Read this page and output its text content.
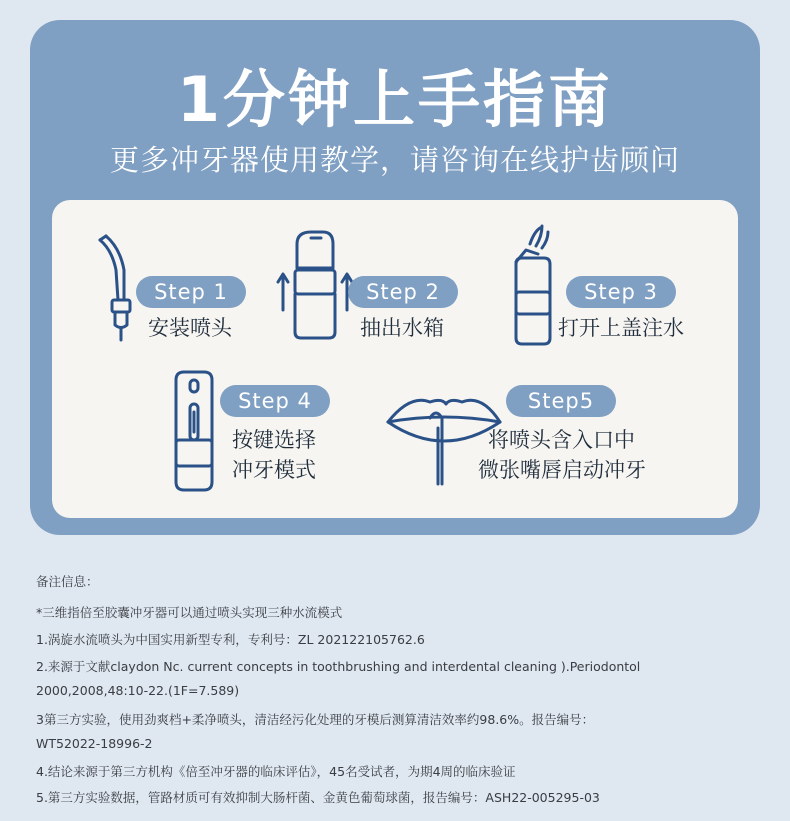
1分钟上手指南
更多冲牙器使用教学，请咨询在线护齿顾问
Step 1
安装喷头
Step 2
抽出水箱
Step 3
打开上盖注水
Step 4
按键选择
冲牙模式
Step5
将喷头含入口中
微张嘴唇启动冲牙
备注信息：
*三维指倍至胶囊冲牙器可以通过喷头实现三种水流模式
1.涡旋水流喷头为中国实用新型专利，专利号：ZL 202122105762.6
2.来源于文献claydon Nc. current concepts in toothbrushing and interdental cleaning ).Periodontol
2000,2008,48:10-22.(1F=7.589)
3第三方实验，使用劲爽档+柔净喷头，清洁经污化处理的牙模后测算清洁效率约98.6%。报告编号：
WT52022-18996-2
4.结论来源于第三方机构《倍至冲牙器的临床评估》，45名受试者，为期4周的临床验证
5.第三方实验数据，管路材质可有效抑制大肠杆菌、金黄色葡萄球菌，报告编号：ASH22-005295-03
